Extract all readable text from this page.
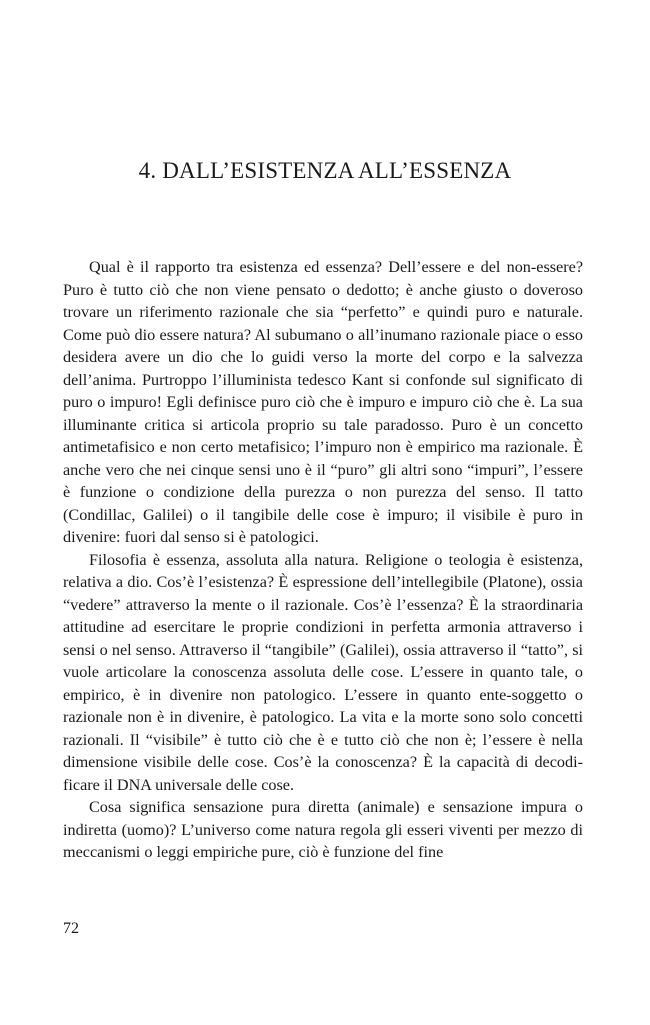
4. DALL’ESISTENZA ALL’ESSENZA

Qual è il rapporto tra esistenza ed essenza? Dell’essere e del non-essere? Puro è tutto ciò che non viene pensato o dedotto; è anche giusto o doveroso trovare un riferimento razionale che sia “perfetto” e quindi puro e naturale. Come può dio essere natura? Al subumano o all’inumano razionale piace o esso desidera avere un dio che lo guidi verso la morte del corpo e la salvezza dell’anima. Purtroppo l’illuminista tedesco Kant si confonde sul significato di puro o impuro! Egli definisce puro ciò che è impuro e impuro ciò che è. La sua illuminante critica si articola proprio su tale paradosso. Puro è un concetto antimetafisico e non certo metafisico; l’impuro non è empirico ma razionale. È anche vero che nei cinque sensi uno è il “puro” gli altri sono “impuri”, l’essere è funzione o condizione della purezza o non purezza del senso. Il tatto (Condillac, Galilei) o il tangibile delle cose è impuro; il visibile è puro in divenire: fuori dal senso si è patologici.

Filosofia è essenza, assoluta alla natura. Religione o teologia è esistenza, relativa a dio. Cos’è l’esistenza? È espressione dell’intellegibile (Platone), ossia “vedere” attraverso la mente o il razionale. Cos’è l’essenza? È la straordinaria attitudine ad esercitare le proprie condizioni in perfetta armonia attraverso i sensi o nel senso. Attraverso il “tangibile” (Galilei), ossia attraverso il “tatto”, si vuole articolare la conoscenza assoluta delle cose. L’essere in quanto tale, o empirico, è in divenire non patologico. L’essere in quanto ente-soggetto o razionale non è in divenire, è patologico. La vita e la morte sono solo concetti razionali. Il “visibile” è tutto ciò che è e tutto ciò che non è; l’essere è nella dimensione visibile delle cose. Cos’è la conoscenza? È la capacità di decodificare il DNA universale delle cose.

Cosa significa sensazione pura diretta (animale) e sensazione impura o indiretta (uomo)? L’universo come natura regola gli esseri viventi per mezzo di meccanismi o leggi empiriche pure, ciò è funzione del fine

72
